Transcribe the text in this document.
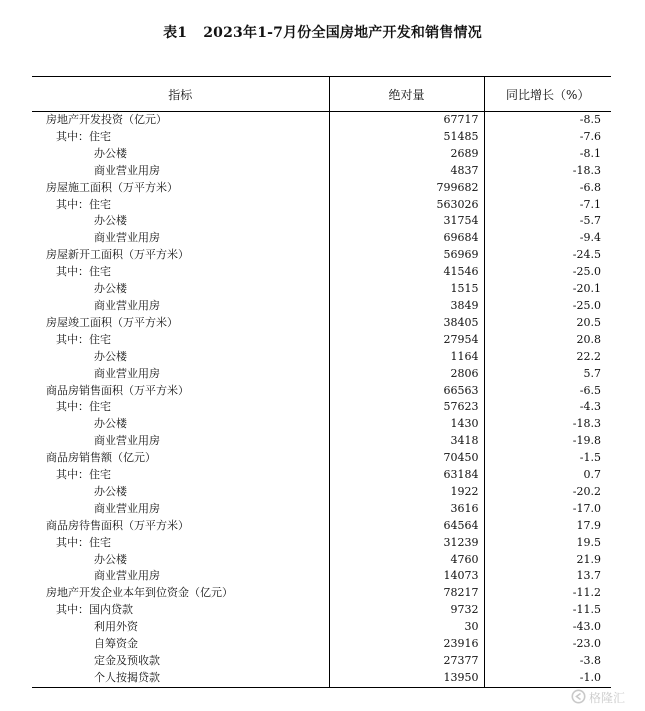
表1 2023年1-7月份全国房地产开发和销售情况
指标	绝对量	同比增长（%）
房地产开发投资（亿元）	67717	-8.5
其中：住宅	51485	-7.6
办公楼	2689	-8.1
商业营业用房	4837	-18.3
房屋施工面积（万平方米）	799682	-6.8
其中：住宅	563026	-7.1
办公楼	31754	-5.7
商业营业用房	69684	-9.4
房屋新开工面积（万平方米）	56969	-24.5
其中：住宅	41546	-25.0
办公楼	1515	-20.1
商业营业用房	3849	-25.0
房屋竣工面积（万平方米）	38405	20.5
其中：住宅	27954	20.8
办公楼	1164	22.2
商业营业用房	2806	5.7
商品房销售面积（万平方米）	66563	-6.5
其中：住宅	57623	-4.3
办公楼	1430	-18.3
商业营业用房	3418	-19.8
商品房销售额（亿元）	70450	-1.5
其中：住宅	63184	0.7
办公楼	1922	-20.2
商业营业用房	3616	-17.0
商品房待售面积（万平方米）	64564	17.9
其中：住宅	31239	19.5
办公楼	4760	21.9
商业营业用房	14073	13.7
房地产开发企业本年到位资金（亿元）	78217	-11.2
其中：国内贷款	9732	-11.5
利用外资	30	-43.0
自筹资金	23916	-23.0
定金及预收款	27377	-3.8
个人按揭贷款	13950	-1.0
格隆汇
